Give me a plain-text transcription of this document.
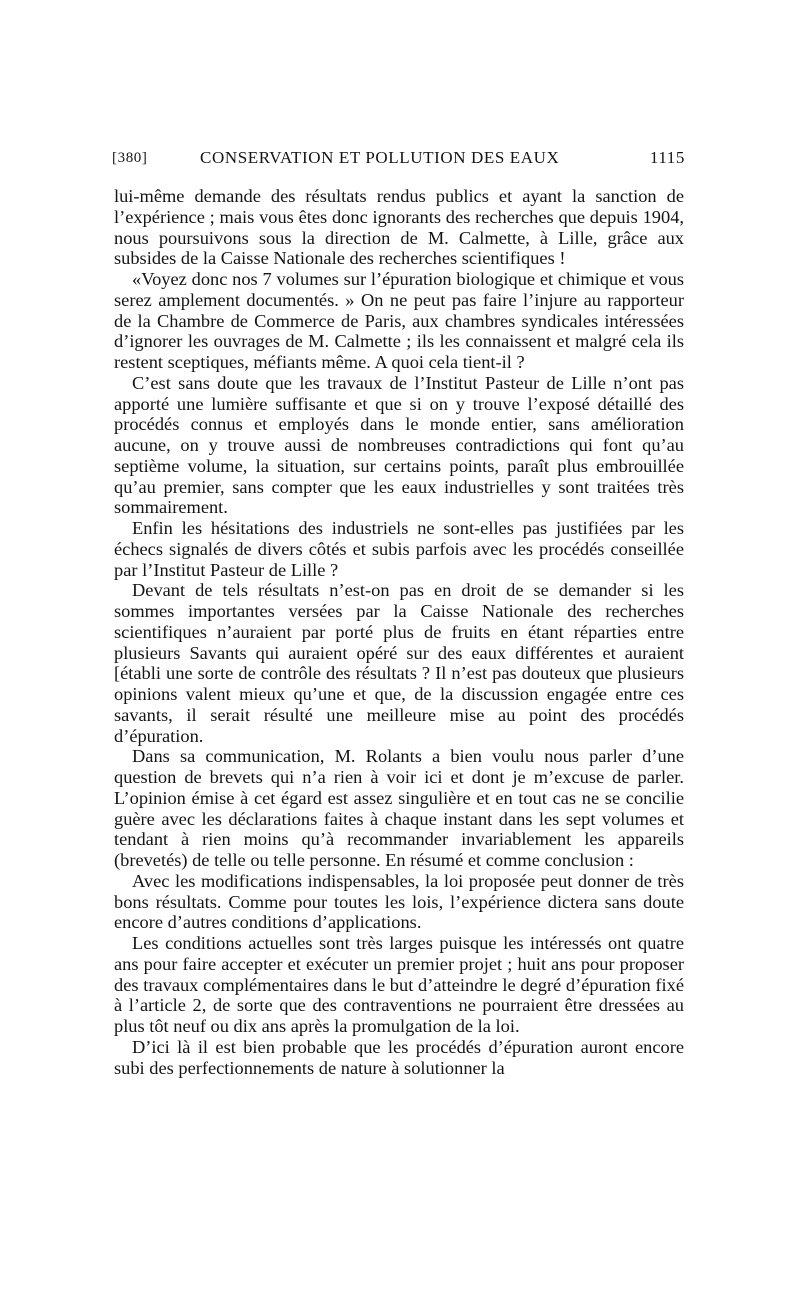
[380]	CONSERVATION ET POLLUTION DES EAUX	1115

lui-même demande des résultats rendus publics et ayant la sanction de l’expérience ; mais vous êtes donc ignorants des recherches que depuis 1904, nous poursuivons sous la direction de M. Calmette, à Lille, grâce aux subsides de la Caisse Nationale des recherches scientifiques !

«Voyez donc nos 7 volumes sur l’épuration biologique et chimique et vous serez amplement documentés. » On ne peut pas faire l’injure au rapporteur de la Chambre de Commerce de Paris, aux chambres syndicales intéressées d’ignorer les ouvrages de M. Calmette ; ils les connaissent et malgré cela ils restent sceptiques, méfiants même. A quoi cela tient-il ?

C’est sans doute que les travaux de l’Institut Pasteur de Lille n’ont pas apporté une lumière suffisante et que si on y trouve l’exposé détaillé des procédés connus et employés dans le monde entier, sans amélioration aucune, on y trouve aussi de nombreuses contradictions qui font qu’au septième volume, la situation, sur certains points, paraît plus embrouillée qu’au premier, sans compter que les eaux industrielles y sont traitées très sommairement.

Enfin les hésitations des industriels ne sont-elles pas justifiées par les échecs signalés de divers côtés et subis parfois avec les procédés conseillée par l’Institut Pasteur de Lille ?

Devant de tels résultats n’est-on pas en droit de se demander si les sommes importantes versées par la Caisse Nationale des recherches scientifiques n’auraient par porté plus de fruits en étant réparties entre plusieurs Savants qui auraient opéré sur des eaux différentes et auraient [établi une sorte de contrôle des résultats ? Il n’est pas douteux que plusieurs opinions valent mieux qu’une et que, de la discussion engagée entre ces savants, il serait résulté une meilleure mise au point des procédés d’épuration.

Dans sa communication, M. Rolants a bien voulu nous parler d’une question de brevets qui n’a rien à voir ici et dont je m’excuse de parler. L’opinion émise à cet égard est assez singulière et en tout cas ne se concilie guère avec les déclarations faites à chaque instant dans les sept volumes et tendant à rien moins qu’à recommander invariablement les appareils (brevetés) de telle ou telle personne. En résumé et comme conclusion :

Avec les modifications indispensables, la loi proposée peut donner de très bons résultats. Comme pour toutes les lois, l’expérience dictera sans doute encore d’autres conditions d’applications.

Les conditions actuelles sont très larges puisque les intéressés ont quatre ans pour faire accepter et exécuter un premier projet ; huit ans pour proposer des travaux complémentaires dans le but d’atteindre le degré d’épuration fixé à l’article 2, de sorte que des contraventions ne pourraient être dressées au plus tôt neuf ou dix ans après la promulgation de la loi.

D’ici là il est bien probable que les procédés d’épuration auront encore subi des perfectionnements de nature à solutionner la
